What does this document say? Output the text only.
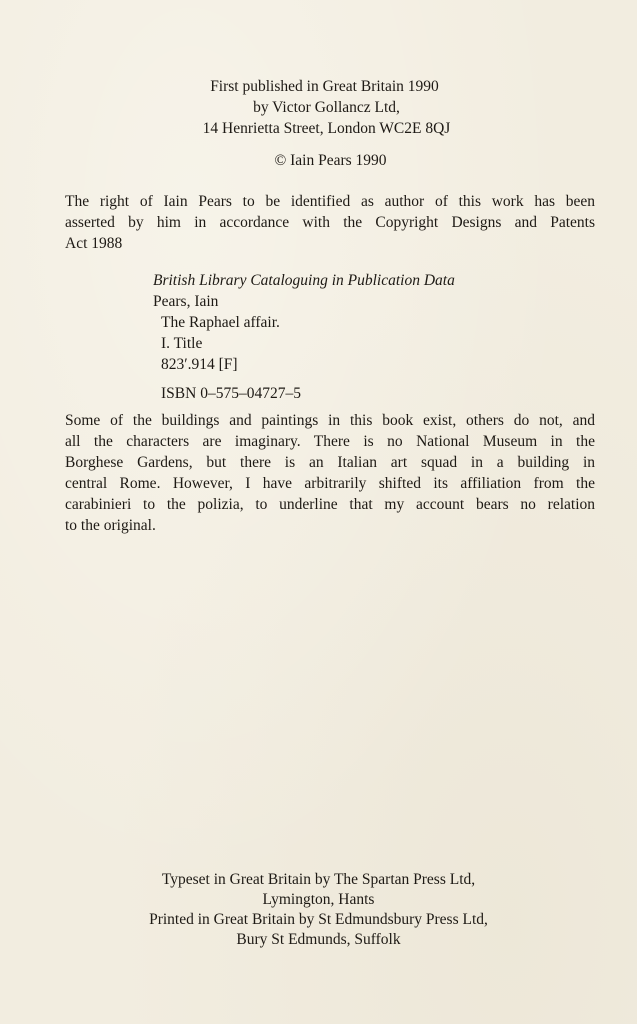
First published in Great Britain 1990
by Victor Gollancz Ltd,
14 Henrietta Street, London WC2E 8QJ
© Iain Pears 1990
The right of Iain Pears to be identified as author of this work has been
asserted by him in accordance with the Copyright Designs and Patents
Act 1988
British Library Cataloguing in Publication Data
Pears, Iain
The Raphael affair.
I. Title
823′.914 [F]
ISBN 0–575–04727–5
Some of the buildings and paintings in this book exist, others do not, and
all the characters are imaginary. There is no National Museum in the
Borghese Gardens, but there is an Italian art squad in a building in
central Rome. However, I have arbitrarily shifted its affiliation from the
carabinieri to the polizia, to underline that my account bears no relation
to the original.
Typeset in Great Britain by The Spartan Press Ltd,
Lymington, Hants
Printed in Great Britain by St Edmundsbury Press Ltd,
Bury St Edmunds, Suffolk
